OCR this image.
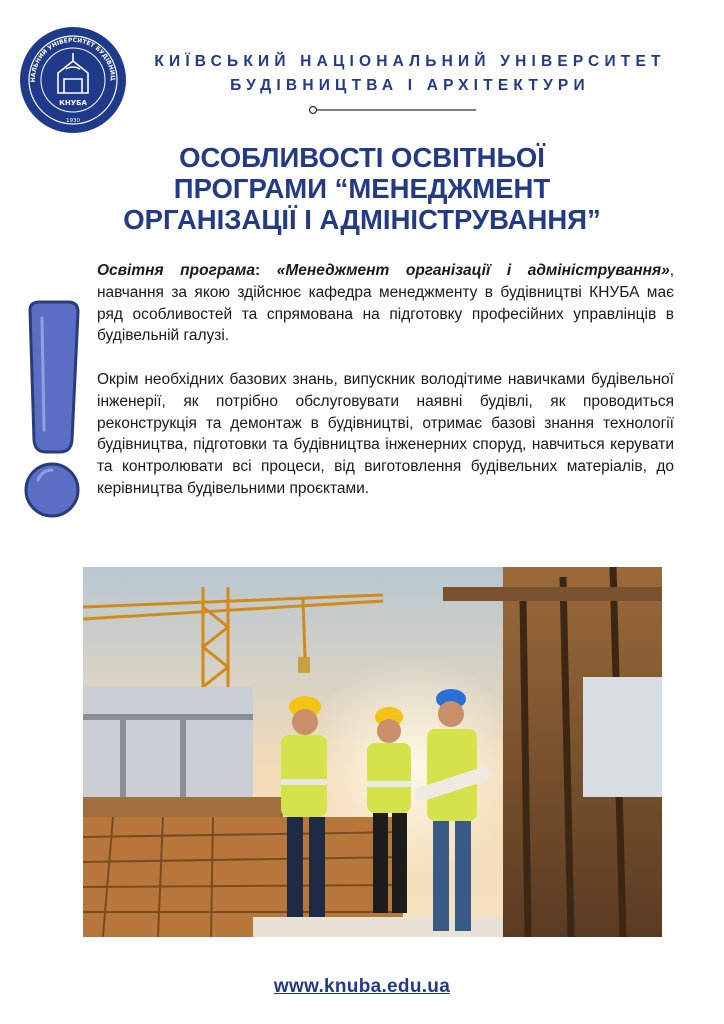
НАЛЬНИЙ УНІВЕРСИТЕТ БУДІВНИЦ
КНУБА
1930
КИЇВСЬКИЙ НАЦІОНАЛЬНИЙ УНІВЕРСИТЕТ
БУДІВНИЦТВА І АРХІТЕКТУРИ
ОСОБЛИВОСТІ ОСВІТНЬОЇ
ПРОГРАМИ “МЕНЕДЖМЕНТ
ОРГАНІЗАЦІЇ І АДМІНІСТРУВАННЯ”

Освітня програма: «Менеджмент організації і адміністрування», навчання за якою здійснює кафедра менеджменту в будівництві КНУБА має ряд особливостей та спрямована на підготовку професійних управлінців в будівельній галузі.

Окрім необхідних базових знань, випускник володітиме навичками будівельної інженерії, як потрібно обслуговувати наявні будівлі, як проводиться реконструкція та демонтаж в будівництві, отримає базові знання технології будівництва, підготовки та будівництва інженерних споруд, навчиться керувати та контролювати всі процеси, від виготовлення будівельних матеріалів, до керівництва будівельними проєктами.

www.knuba.edu.ua
